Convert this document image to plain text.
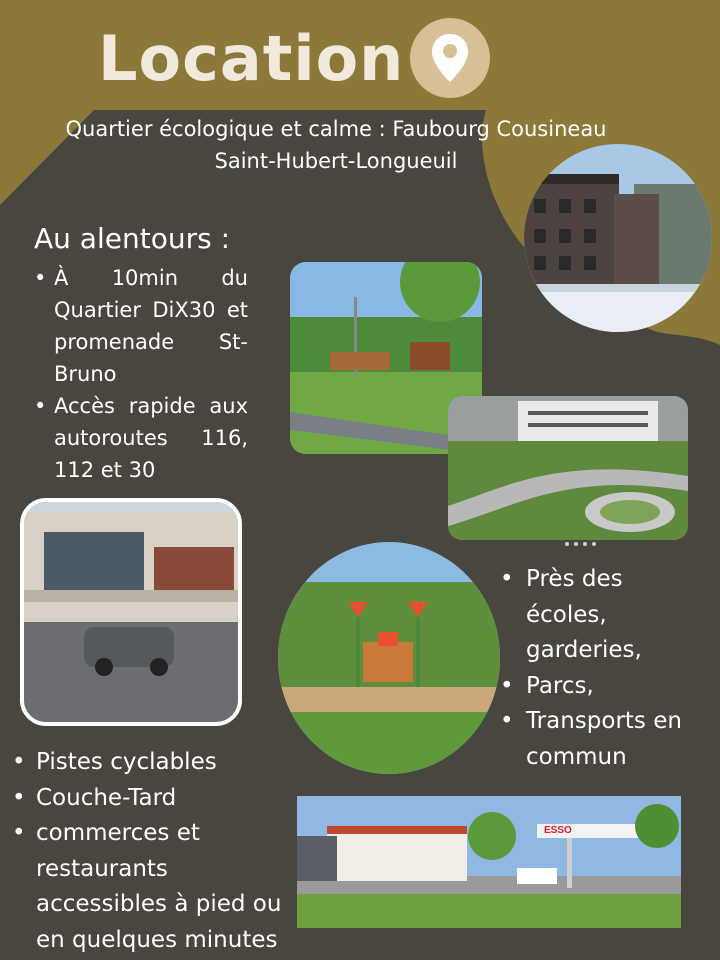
Location
Quartier écologique et calme : Faubourg Cousineau
Saint-Hubert-Longueuil
Au alentours :
• À 10min du Quartier DiX30 et promenade St-Bruno
• Accès rapide aux autoroutes 116, 112 et 30
• Près des écoles, garderies,
• Parcs,
• Transports en commun
• Pistes cyclables
• Couche-Tard
• commerces et restaurants accessibles à pied ou en quelques minutes
ESSO
